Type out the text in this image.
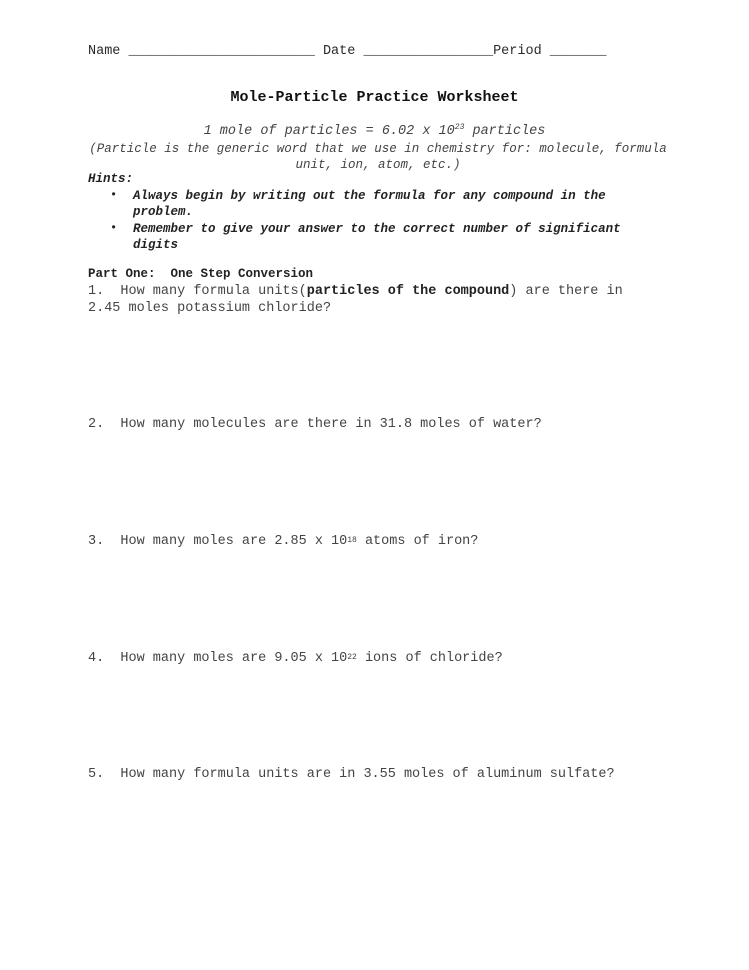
Name _______________________ Date ________________Period _______
Mole-Particle Practice Worksheet
1 mole of particles = 6.02 x $10^{23}$ particles
(Particle is the generic word that we use in chemistry for: molecule, formula unit, ion, atom, etc.)
Hints:
• Always begin by writing out the formula for any compound in the problem.
• Remember to give your answer to the correct number of significant digits
Part One:  One Step Conversion
1.  How many formula units(particles of the compound) are there in 2.45 moles potassium chloride?
2.  How many molecules are there in 31.8 moles of water?
3.  How many moles are 2.85 x $10^{18}$ atoms of iron?
4.  How many moles are 9.05 x $10^{22}$ ions of chloride?
5.  How many formula units are in 3.55 moles of aluminum sulfate?
